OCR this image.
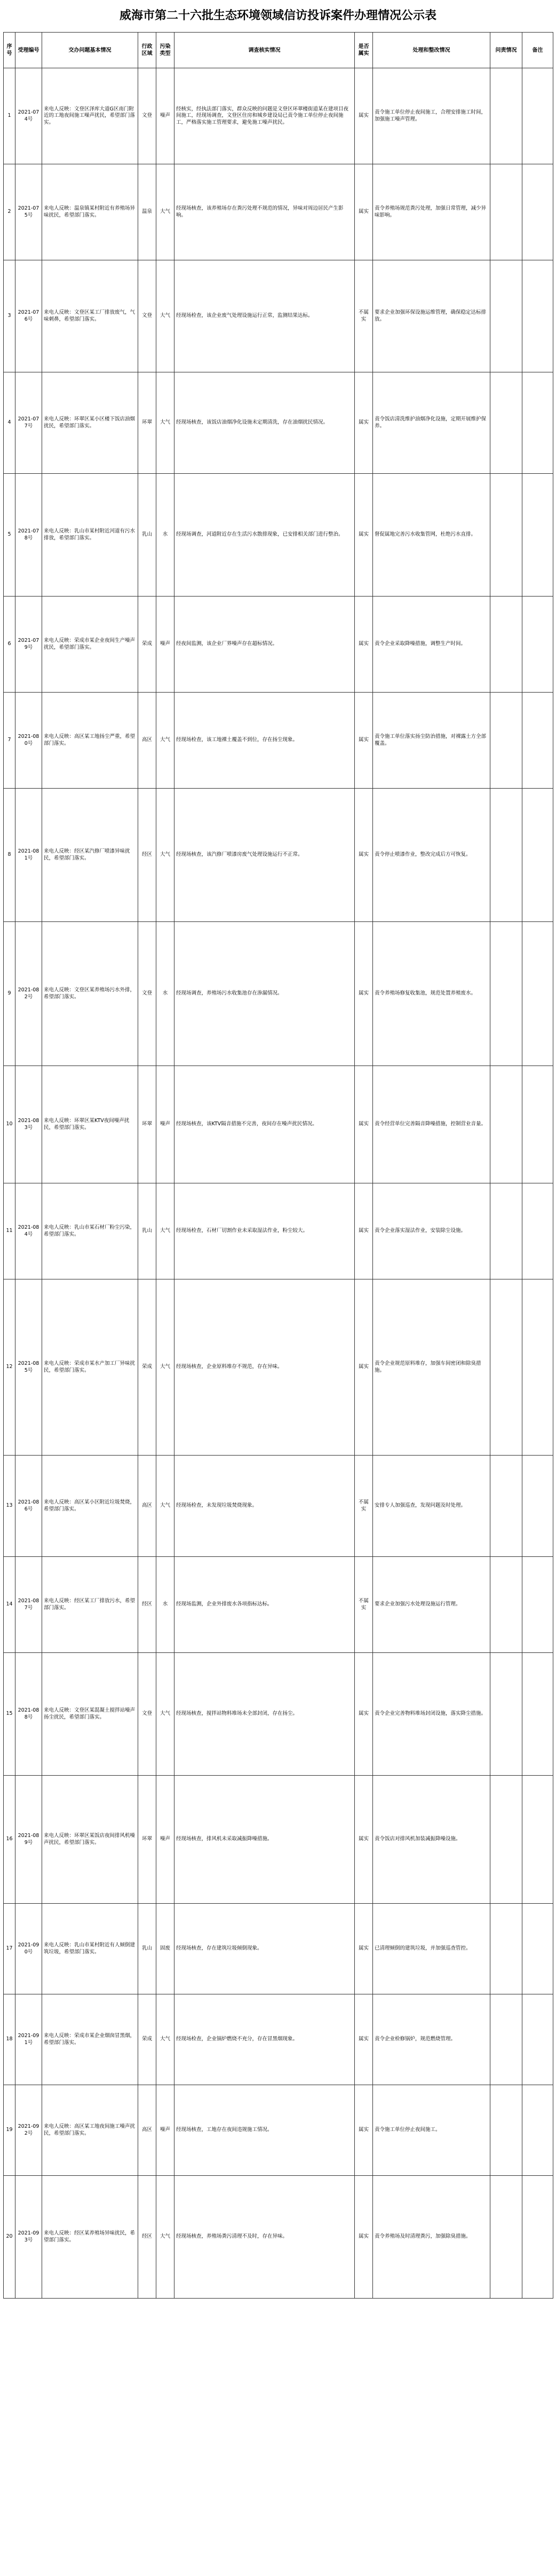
威海市第二十六批生态环境领域信访投诉案件办理情况公示表
序号	受理编号	交办问题基本情况	行政区域	污染类型	调查核实情况	是否属实	处理和整改情况	问责情况	备注
1	2021-074号	来电人反映：文登区泽库大道G区南门附近的工地夜间施工噪声扰民，希望部门落实。	文登	噪声	经核实，经执法部门落实，群众反映的问题是文登区环翠楼街道某在建项目夜间施工，经现场调查，文登区住房和城乡建设局已责令施工单位停止夜间施工，严格落实施工管理要求，避免施工噪声扰民。	属实	责令施工单位停止夜间施工，合理安排施工时间，加强施工噪声管理。		
2	2021-075号	来电人反映：温泉镇某村附近有养殖场异味扰民，希望部门落实。	温泉	大气	经现场核查，该养殖场存在粪污处理不规范的情况，异味对周边居民产生影响。	属实	责令养殖场规范粪污处理，加强日常管理，减少异味影响。		
3	2021-076号	来电人反映：文登区某工厂排放废气，气味刺鼻，希望部门落实。	文登	大气	经现场检查，该企业废气处理设施运行正常，监测结果达标。	不属实	要求企业加强环保设施运维管理，确保稳定达标排放。		
4	2021-077号	来电人反映：环翠区某小区楼下饭店油烟扰民，希望部门落实。	环翠	大气	经现场核查，该饭店油烟净化设施未定期清洗，存在油烟扰民情况。	属实	责令饭店清洗维护油烟净化设施，定期开展维护保养。		
5	2021-078号	来电人反映：乳山市某村附近河道有污水排放，希望部门落实。	乳山	水	经现场调查，河道附近存在生活污水散排现象，已安排相关部门进行整治。	属实	督促属地完善污水收集管网，杜绝污水直排。		
6	2021-079号	来电人反映：荣成市某企业夜间生产噪声扰民，希望部门落实。	荣成	噪声	经夜间监测，该企业厂界噪声存在超标情况。	属实	责令企业采取降噪措施，调整生产时间。		
7	2021-080号	来电人反映：高区某工地扬尘严重，希望部门落实。	高区	大气	经现场检查，该工地裸土覆盖不到位，存在扬尘现象。	属实	责令施工单位落实扬尘防治措施，对裸露土方全部覆盖。		
8	2021-081号	来电人反映：经区某汽修厂喷漆异味扰民，希望部门落实。	经区	大气	经现场核查，该汽修厂喷漆房废气处理设施运行不正常。	属实	责令停止喷漆作业，整改完成后方可恢复。		
9	2021-082号	来电人反映：文登区某养殖场污水外排，希望部门落实。	文登	水	经现场调查，养殖场污水收集池存在渗漏情况。	属实	责令养殖场修复收集池，规范处置养殖废水。		
10	2021-083号	来电人反映：环翠区某KTV夜间噪声扰民，希望部门落实。	环翠	噪声	经现场核查，该KTV隔音措施不完善，夜间存在噪声扰民情况。	属实	责令经营单位完善隔音降噪措施，控制营业音量。		
11	2021-084号	来电人反映：乳山市某石材厂粉尘污染，希望部门落实。	乳山	大气	经现场检查，石材厂切割作业未采取湿法作业，粉尘较大。	属实	责令企业落实湿法作业，安装除尘设施。		
12	2021-085号	来电人反映：荣成市某水产加工厂异味扰民，希望部门落实。	荣成	大气	经现场核查，企业原料堆存不规范，存在异味。	属实	责令企业规范原料堆存，加强车间密闭和除臭措施。		
13	2021-086号	来电人反映：高区某小区附近垃圾焚烧，希望部门落实。	高区	大气	经现场检查，未发现垃圾焚烧现象。	不属实	安排专人加强巡查，发现问题及时处理。		
14	2021-087号	来电人反映：经区某工厂排放污水，希望部门落实。	经区	水	经现场监测，企业外排废水各项指标达标。	不属实	要求企业加强污水处理设施运行管理。		
15	2021-088号	来电人反映：文登区某混凝土搅拌站噪声扬尘扰民，希望部门落实。	文登	大气	经现场核查，搅拌站物料堆场未全部封闭，存在扬尘。	属实	责令企业完善物料堆场封闭设施，落实降尘措施。		
16	2021-089号	来电人反映：环翠区某饭店夜间排风机噪声扰民，希望部门落实。	环翠	噪声	经现场核查，排风机未采取减振降噪措施。	属实	责令饭店对排风机加装减振降噪设施。		
17	2021-090号	来电人反映：乳山市某村附近有人倾倒建筑垃圾，希望部门落实。	乳山	固废	经现场核查，存在建筑垃圾倾倒现象。	属实	已清理倾倒的建筑垃圾，并加强巡查管控。		
18	2021-091号	来电人反映：荣成市某企业烟囱冒黑烟，希望部门落实。	荣成	大气	经现场检查，企业锅炉燃烧不充分，存在冒黑烟现象。	属实	责令企业检修锅炉，规范燃烧管理。		
19	2021-092号	来电人反映：高区某工地夜间施工噪声扰民，希望部门落实。	高区	噪声	经现场核查，工地存在夜间违规施工情况。	属实	责令施工单位停止夜间施工。		
20	2021-093号	来电人反映：经区某养殖场异味扰民，希望部门落实。	经区	大气	经现场核查，养殖场粪污清理不及时，存在异味。	属实	责令养殖场及时清理粪污，加强除臭措施。		
